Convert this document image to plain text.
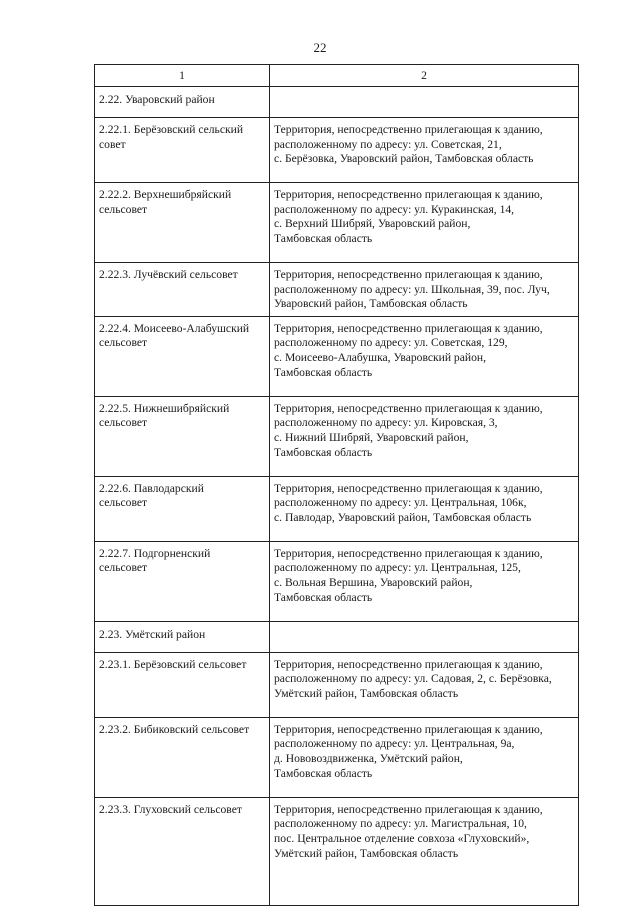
22
1	2

2.22. Уваровский район	

2.22.1. Берёзовский сельский
совет	Территория, непосредственно прилегающая к зданию,
расположенному по адресу: ул. Советская, 21,
с. Берёзовка, Уваровский район, Тамбовская область

2.22.2. Верхнешибряйский
сельсовет	Территория, непосредственно прилегающая к зданию,
расположенному по адресу: ул. Куракинская, 14,
с. Верхний Шибряй, Уваровский район,
Тамбовская область

2.22.3. Лучёвский сельсовет	Территория, непосредственно прилегающая к зданию,
расположенному по адресу: ул. Школьная, 39, пос. Луч,
Уваровский район, Тамбовская область

2.22.4. Моисеево-Алабушский
сельсовет	Территория, непосредственно прилегающая к зданию,
расположенному по адресу: ул. Советская, 129,
с. Моисеево-Алабушка, Уваровский район,
Тамбовская область

2.22.5. Нижнешибряйский
сельсовет	Территория, непосредственно прилегающая к зданию,
расположенному по адресу: ул. Кировская, 3,
с. Нижний Шибряй, Уваровский район,
Тамбовская область

2.22.6. Павлодарский
сельсовет	Территория, непосредственно прилегающая к зданию,
расположенному по адресу: ул. Центральная, 106к,
с. Павлодар, Уваровский район, Тамбовская область

2.22.7. Подгорненский
сельсовет	Территория, непосредственно прилегающая к зданию,
расположенному по адресу: ул. Центральная, 125,
с. Вольная Вершина, Уваровский район,
Тамбовская область

2.23. Умётский район	

2.23.1. Берёзовский сельсовет	Территория, непосредственно прилегающая к зданию,
расположенному по адресу: ул. Садовая, 2, с. Берёзовка,
Умётский район, Тамбовская область

2.23.2. Бибиковский сельсовет	Территория, непосредственно прилегающая к зданию,
расположенному по адресу: ул. Центральная, 9а,
д. Нововоздвиженка, Умётский район,
Тамбовская область

2.23.3. Глуховский сельсовет	Территория, непосредственно прилегающая к зданию,
расположенному по адресу: ул. Магистральная, 10,
пос. Центральное отделение совхоза «Глуховский»,
Умётский район, Тамбовская область
